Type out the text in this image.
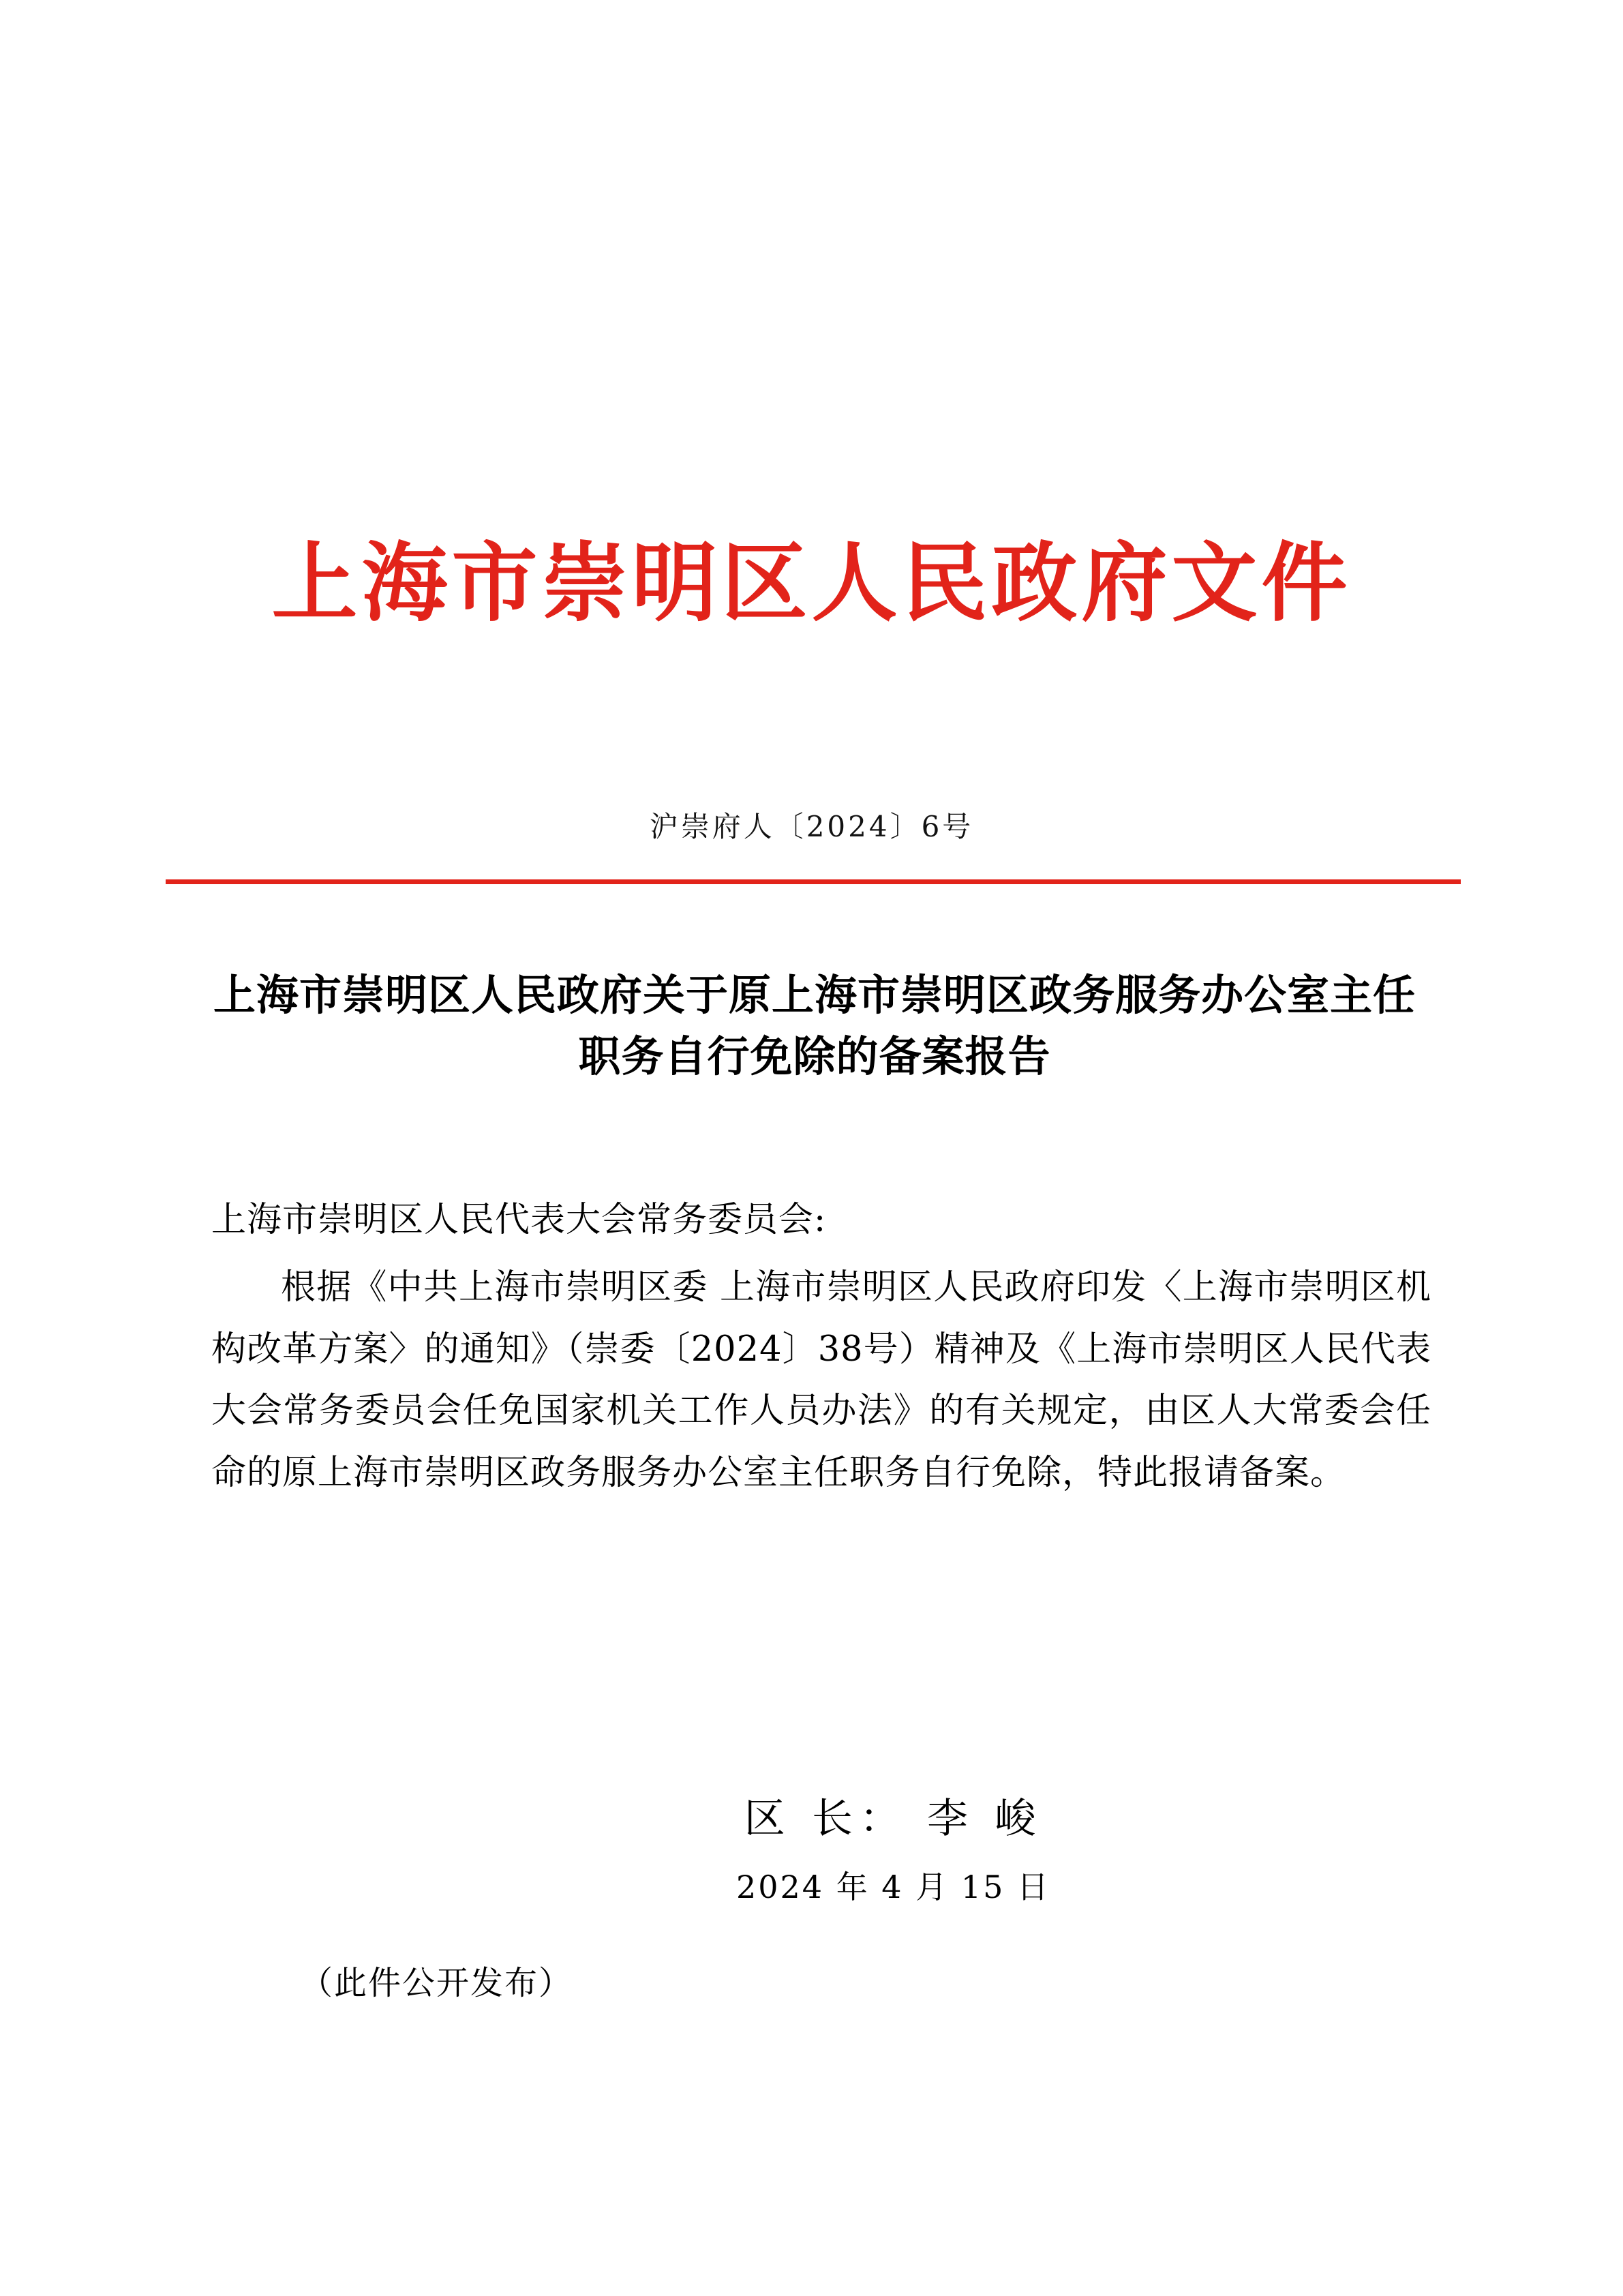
上海市崇明区人民政府文件
沪崇府人〔2024〕6号
上海市崇明区人民政府关于原上海市崇明区政务服务办公室主任职务自行免除的备案报告

上海市崇明区人民代表大会常务委员会:

根据《中共上海市崇明区委 上海市崇明区人民政府印发〈上海市崇明区机构改革方案〉的通知》（崇委〔2024〕38号）精神及《上海市崇明区人民代表大会常务委员会任免国家机关工作人员办法》的有关规定，由区人大常委会任命的原上海市崇明区政务服务办公室主任职务自行免除，特此报请备案。

区 长： 李 峻
2024 年 4 月 15 日
（此件公开发布）
